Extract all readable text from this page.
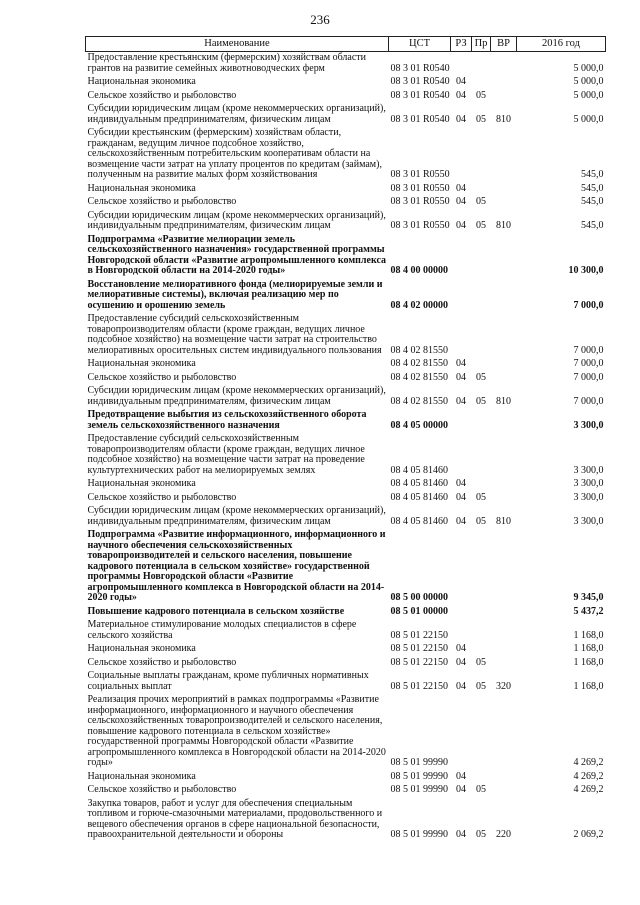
236
Наименование	ЦСТ	РЗ	Пр	ВР	2016 год
Предоставление крестьянским (фермерским) хозяйствам области грантов на развитие семейных животноводческих ферм	08 3 01 R0540				5 000,0
Национальная экономика	08 3 01 R0540	04			5 000,0
Сельское хозяйство и рыболовство	08 3 01 R0540	04	05		5 000,0
Субсидии юридическим лицам (кроме некоммерческих организаций), индивидуальным предпринимателям, физическим лицам	08 3 01 R0540	04	05	810	5 000,0
Субсидии крестьянским (фермерским) хозяйствам области, гражданам, ведущим личное подсобное хозяйство, сельскохозяйственным потребительским кооперативам области на возмещение части затрат на уплату процентов по кредитам (займам), полученным на развитие малых форм хозяйствования	08 3 01 R0550				545,0
Национальная экономика	08 3 01 R0550	04			545,0
Сельское хозяйство и рыболовство	08 3 01 R0550	04	05		545,0
Субсидии юридическим лицам (кроме некоммерческих организаций), индивидуальным предпринимателям, физическим лицам	08 3 01 R0550	04	05	810	545,0
Подпрограмма «Развитие мелиорации земель сельскохозяйственного назначения» государственной программы Новгородской области «Развитие агропромышленного комплекса в Новгородской области на 2014-2020 годы»	08 4 00 00000				10 300,0
Восстановление мелиоративного фонда (мелиорируемые земли и мелиоративные системы), включая реализацию мер по осушению и орошению земель	08 4 02 00000				7 000,0
Предоставление субсидий сельскохозяйственным товаропроизводителям области (кроме граждан, ведущих личное подсобное хозяйство) на возмещение части затрат на строительство мелиоративных оросительных систем индивидуального пользования	08 4 02 81550				7 000,0
Национальная экономика	08 4 02 81550	04			7 000,0
Сельское хозяйство и рыболовство	08 4 02 81550	04	05		7 000,0
Субсидии юридическим лицам (кроме некоммерческих организаций), индивидуальным предпринимателям, физическим лицам	08 4 02 81550	04	05	810	7 000,0
Предотвращение выбытия из сельскохозяйственного оборота земель сельскохозяйственного назначения	08 4 05 00000				3 300,0
Предоставление субсидий сельскохозяйственным товаропроизводителям области (кроме граждан, ведущих личное подсобное хозяйство) на возмещение части затрат на проведение культуртехнических работ на мелиорируемых землях	08 4 05 81460				3 300,0
Национальная экономика	08 4 05 81460	04			3 300,0
Сельское хозяйство и рыболовство	08 4 05 81460	04	05		3 300,0
Субсидии юридическим лицам (кроме некоммерческих организаций), индивидуальным предпринимателям, физическим лицам	08 4 05 81460	04	05	810	3 300,0
Подпрограмма «Развитие информационного, информационного и научного обеспечения сельскохозяйственных товаропроизводителей и сельского населения, повышение кадрового потенциала в сельском хозяйстве» государственной программы Новгородской области «Развитие агропромышленного комплекса в Новгородской области на 2014-2020 годы»	08 5 00 00000				9 345,0
Повышение кадрового потенциала в сельском хозяйстве	08 5 01 00000				5 437,2
Материальное стимулирование молодых специалистов в сфере сельского хозяйства	08 5 01 22150				1 168,0
Национальная экономика	08 5 01 22150	04			1 168,0
Сельское хозяйство и рыболовство	08 5 01 22150	04	05		1 168,0
Социальные выплаты гражданам, кроме публичных нормативных социальных выплат	08 5 01 22150	04	05	320	1 168,0
Реализация прочих мероприятий в рамках подпрограммы «Развитие информационного, информационного и научного обеспечения сельскохозяйственных товаропроизводителей и сельского населения, повышение кадрового потенциала в сельском хозяйстве» государственной программы Новгородской области «Развитие агропромышленного комплекса в Новгородской области на 2014-2020 годы»	08 5 01 99990				4 269,2
Национальная экономика	08 5 01 99990	04			4 269,2
Сельское хозяйство и рыболовство	08 5 01 99990	04	05		4 269,2
Закупка товаров, работ и услуг для обеспечения специальным топливом и горюче-смазочными материалами, продовольственного и вещевого обеспечения органов в сфере национальной безопасности, правоохранительной деятельности и обороны	08 5 01 99990	04	05	220	2 069,2
